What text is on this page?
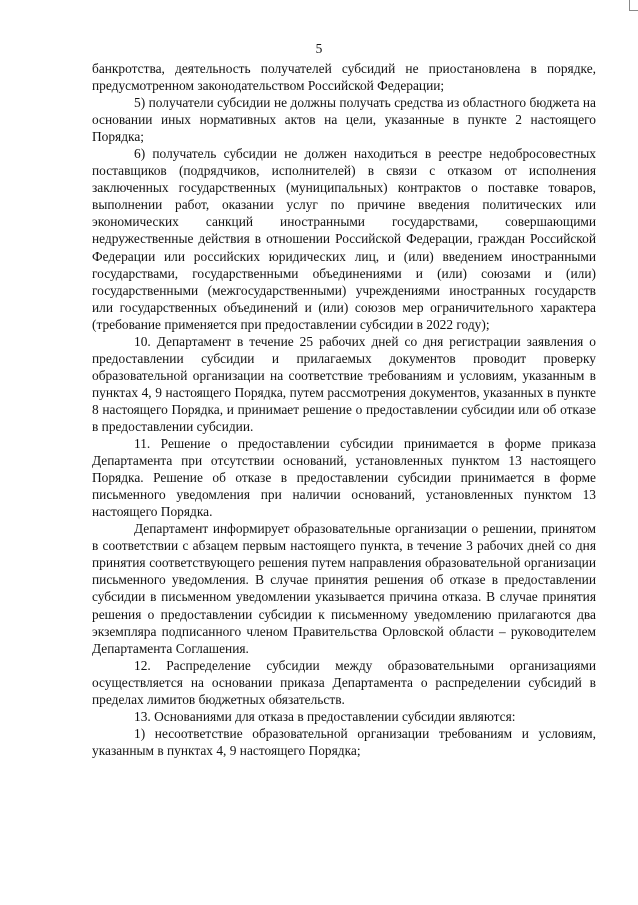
5

банкротства, деятельность получателей субсидий не приостановлена в порядке, предусмотренном законодательством Российской Федерации;

5) получатели субсидии не должны получать средства из областного бюджета на основании иных нормативных актов на цели, указанные в пункте 2 настоящего Порядка;

6) получатель субсидии не должен находиться в реестре недобросовестных поставщиков (подрядчиков, исполнителей) в связи с отказом от исполнения заключенных государственных (муниципальных) контрактов о поставке товаров, выполнении работ, оказании услуг по причине введения политических или экономических санкций иностранными государствами, совершающими недружественные действия в отношении Российской Федерации, граждан Российской Федерации или российских юридических лиц, и (или) введением иностранными государствами, государственными объединениями и (или) союзами и (или) государственными (межгосударственными) учреждениями иностранных государств или государственных объединений и (или) союзов мер ограничительного характера (требование применяется при предоставлении субсидии в 2022 году);

10. Департамент в течение 25 рабочих дней со дня регистрации заявления о предоставлении субсидии и прилагаемых документов проводит проверку образовательной организации на соответствие требованиям и условиям, указанным в пунктах 4, 9 настоящего Порядка, путем рассмотрения документов, указанных в пункте 8 настоящего Порядка, и принимает решение о предоставлении субсидии или об отказе в предоставлении субсидии.

11. Решение о предоставлении субсидии принимается в форме приказа Департамента при отсутствии оснований, установленных пунктом 13 настоящего Порядка. Решение об отказе в предоставлении субсидии принимается в форме письменного уведомления при наличии оснований, установленных пунктом 13 настоящего Порядка.

Департамент информирует образовательные организации о решении, принятом в соответствии с абзацем первым настоящего пункта, в течение 3 рабочих дней со дня принятия соответствующего решения путем направления образовательной организации письменного уведомления. В случае принятия решения об отказе в предоставлении субсидии в письменном уведомлении указывается причина отказа. В случае принятия решения о предоставлении субсидии к письменному уведомлению прилагаются два экземпляра подписанного членом Правительства Орловской области – руководителем Департамента Соглашения.

12. Распределение субсидии между образовательными организациями осуществляется на основании приказа Департамента о распределении субсидий в пределах лимитов бюджетных обязательств.

13. Основаниями для отказа в предоставлении субсидии являются:

1) несоответствие образовательной организации требованиям и условиям, указанным в пунктах 4, 9 настоящего Порядка;
